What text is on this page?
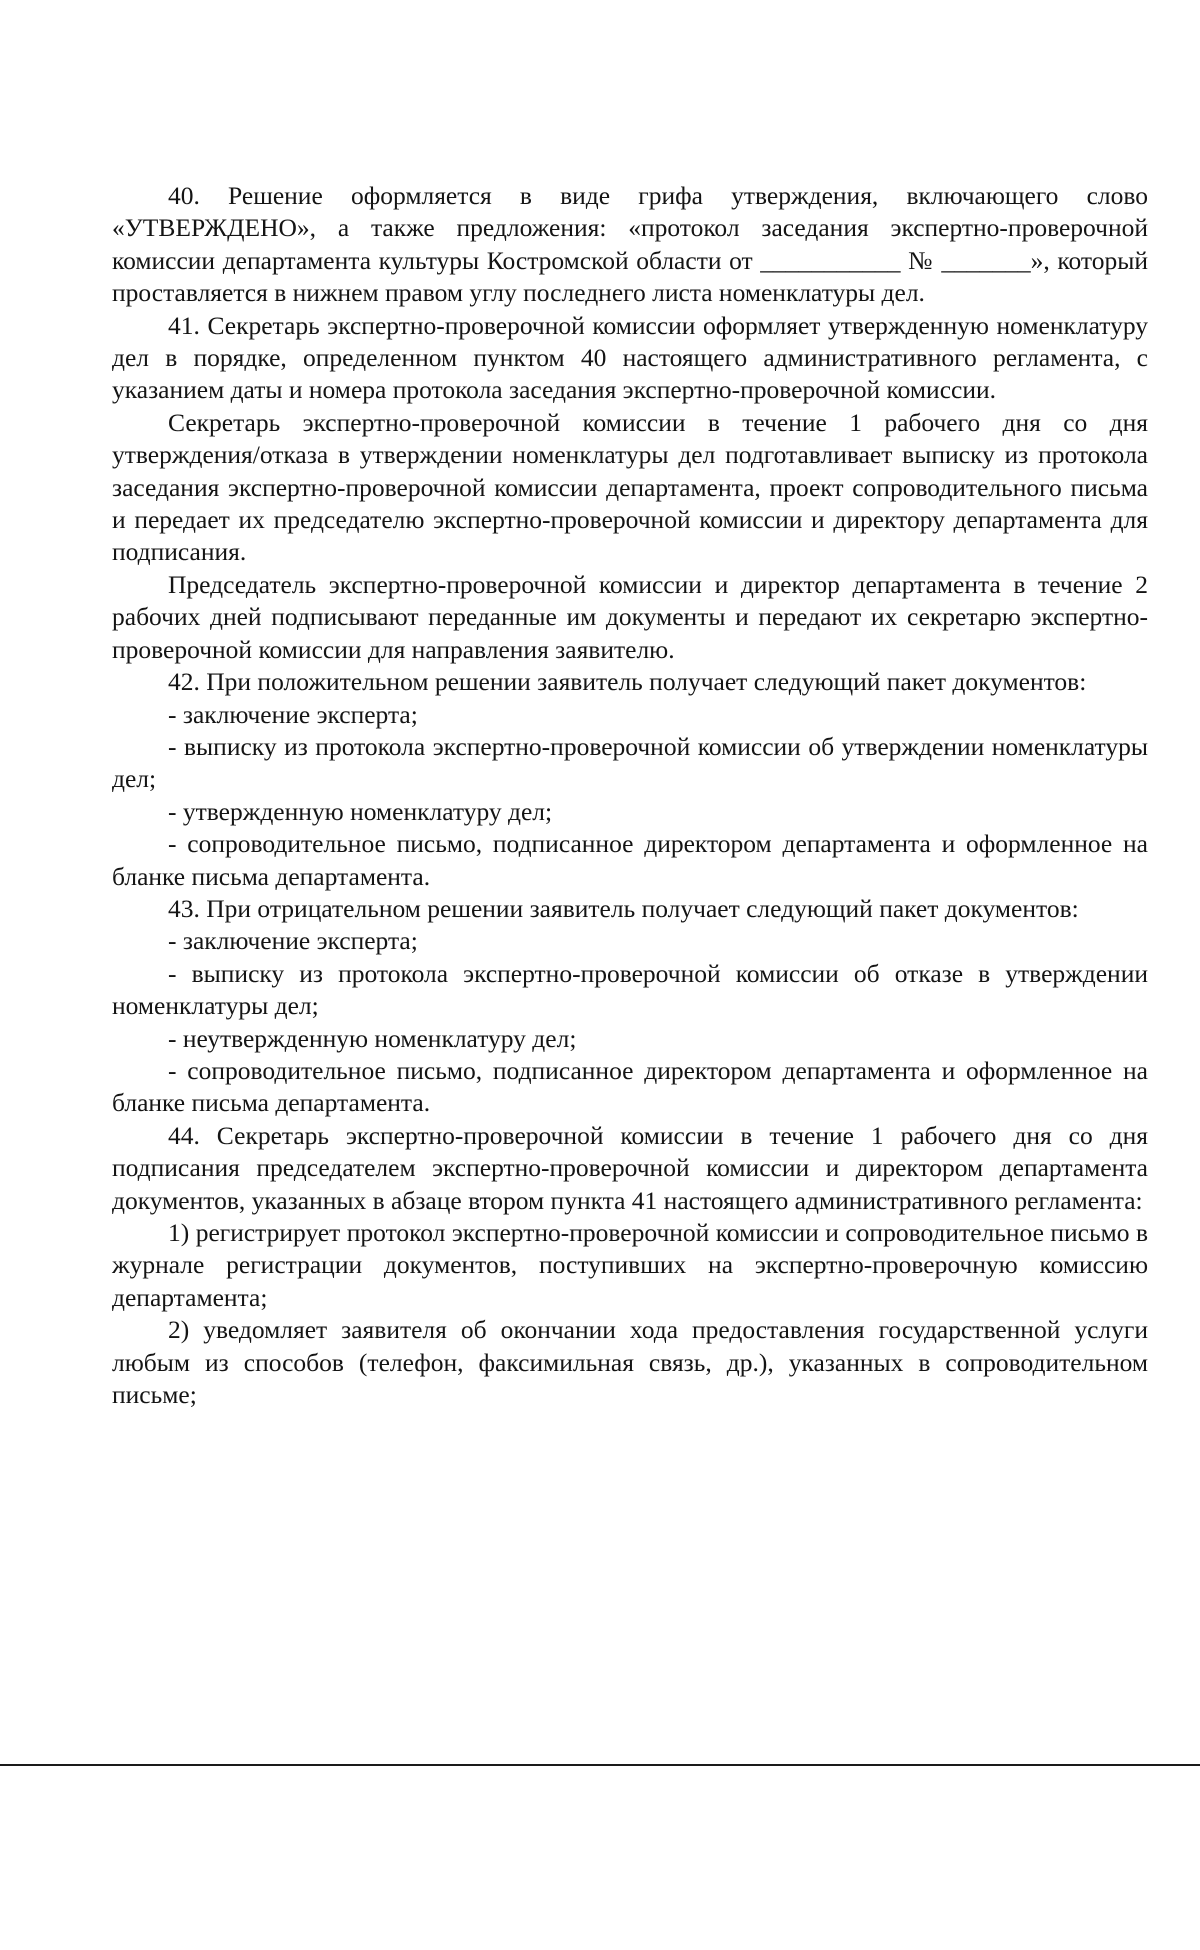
40. Решение оформляется в виде грифа утверждения, включающего слово «УТВЕРЖДЕНО», а также предложения: «протокол заседания экспертно-проверочной комиссии департамента культуры Костромской области от ___________ № _______», который проставляется в нижнем правом углу последнего листа номенклатуры дел.

41. Секретарь экспертно-проверочной комиссии оформляет утвержденную номенклатуру дел в порядке, определенном пунктом 40 настоящего административного регламента, с указанием даты и номера протокола заседания экспертно-проверочной комиссии.

Секретарь экспертно-проверочной комиссии в течение 1 рабочего дня со дня утверждения/отказа в утверждении номенклатуры дел подготавливает выписку из протокола заседания экспертно-проверочной комиссии департамента, проект сопроводительного письма и передает их председателю экспертно-проверочной комиссии и директору департамента для подписания.

Председатель экспертно-проверочной комиссии и директор департамента в течение 2 рабочих дней подписывают переданные им документы и передают их секретарю экспертно-проверочной комиссии для направления заявителю.

42. При положительном решении заявитель получает следующий пакет документов:

- заключение эксперта;

- выписку из протокола экспертно-проверочной комиссии об утверждении номенклатуры дел;

- утвержденную номенклатуру дел;

- сопроводительное письмо, подписанное директором департамента и оформленное на бланке письма департамента.

43. При отрицательном решении заявитель получает следующий пакет документов:

- заключение эксперта;

- выписку из протокола экспертно-проверочной комиссии об отказе в утверждении номенклатуры дел;

- неутвержденную номенклатуру дел;

- сопроводительное письмо, подписанное директором департамента и оформленное на бланке письма департамента.

44. Секретарь экспертно-проверочной комиссии в течение 1 рабочего дня со дня подписания председателем экспертно-проверочной комиссии и директором департамента документов, указанных в абзаце втором пункта 41 настоящего административного регламента:

1) регистрирует протокол экспертно-проверочной комиссии и сопроводительное письмо в журнале регистрации документов, поступивших на экспертно-проверочную комиссию департамента;

2) уведомляет заявителя об окончании хода предоставления государственной услуги любым из способов (телефон, факсимильная связь, др.), указанных в сопроводительном письме;
